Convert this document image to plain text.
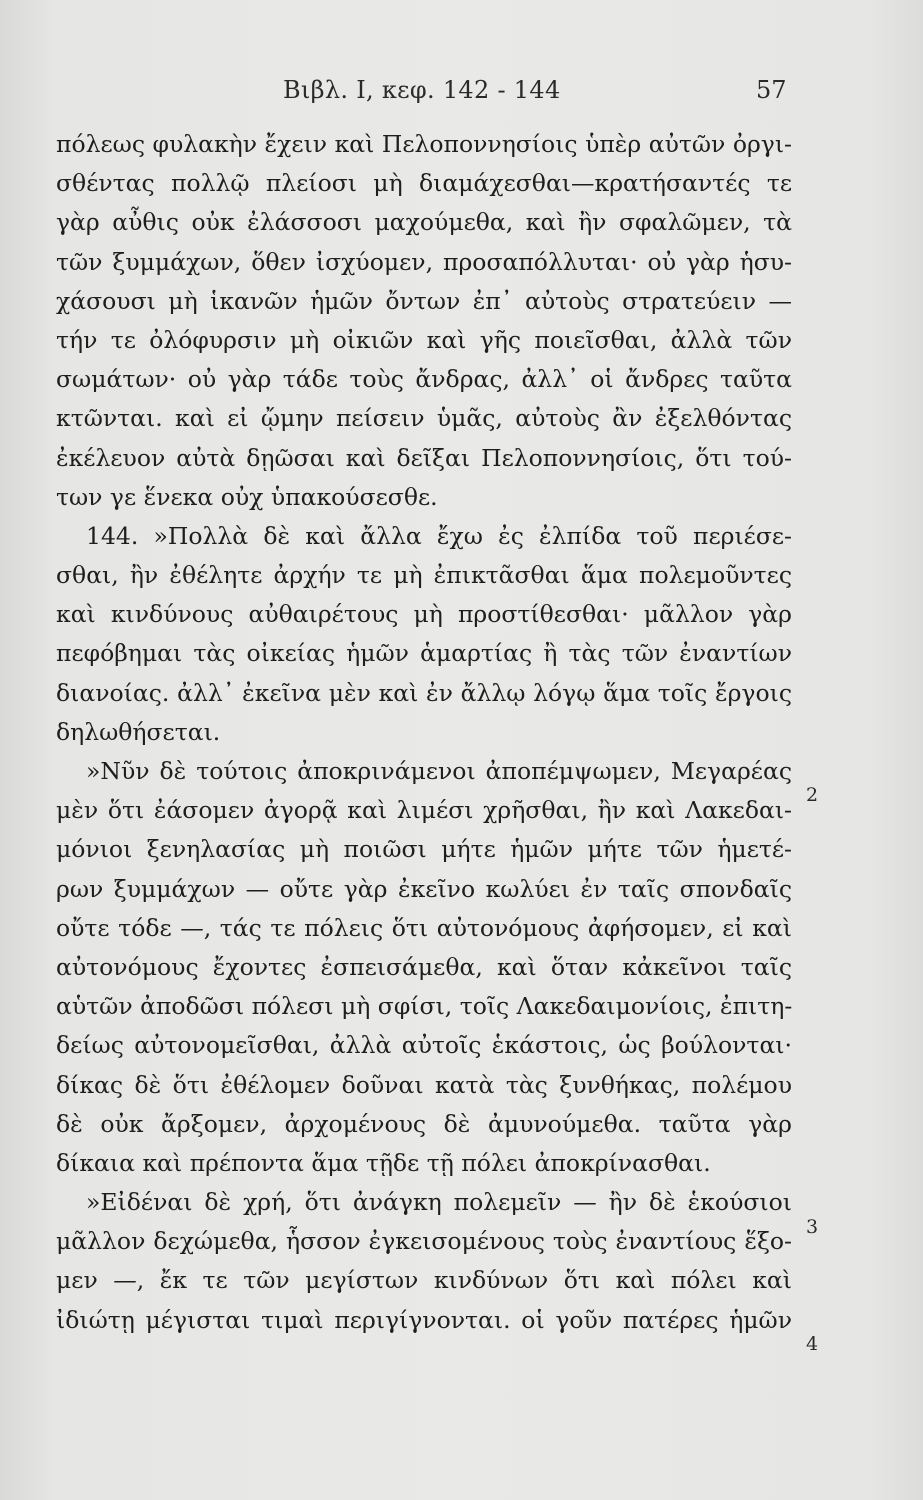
Βιβλ. Ι, κεφ. 142 - 144	57
πόλεως φυλακὴν ἔχειν καὶ Πελοποννησίοις ὑπὲρ αὐτῶν ὀργι-
σθέντας πολλῷ πλείοσι μὴ διαμάχεσθαι—κρατήσαντές τε
γὰρ αὖθις οὐκ ἐλάσσοσι μαχούμεθα, καὶ ἢν σφαλῶμεν, τὰ
τῶν ξυμμάχων, ὅθεν ἰσχύομεν, προσαπόλλυται· οὐ γὰρ ἡσυ-
χάσουσι μὴ ἱκανῶν ἡμῶν ὄντων ἐπ᾽ αὐτοὺς στρατεύειν —
τήν τε ὀλόφυρσιν μὴ οἰκιῶν καὶ γῆς ποιεῖσθαι, ἀλλὰ τῶν
σωμάτων· οὐ γὰρ τάδε τοὺς ἄνδρας, ἀλλ᾽ οἱ ἄνδρες ταῦτα
κτῶνται. καὶ εἰ ᾤμην πείσειν ὑμᾶς, αὐτοὺς ἂν ἐξελθόντας
ἐκέλευον αὐτὰ δῃῶσαι καὶ δεῖξαι Πελοποννησίοις, ὅτι τού-
των γε ἕνεκα οὐχ ὑπακούσεσθε.
144. »Πολλὰ δὲ καὶ ἄλλα ἔχω ἐς ἐλπίδα τοῦ περιέσε-
σθαι, ἢν ἐθέλητε ἀρχήν τε μὴ ἐπικτᾶσθαι ἅμα πολεμοῦντες
καὶ κινδύνους αὐθαιρέτους μὴ προστίθεσθαι· μᾶλλον γὰρ
πεφόβημαι τὰς οἰκείας ἡμῶν ἁμαρτίας ἢ τὰς τῶν ἐναντίων
διανοίας. ἀλλ᾽ ἐκεῖνα μὲν καὶ ἐν ἄλλῳ λόγῳ ἅμα τοῖς ἔργοις
δηλωθήσεται.
»Νῦν δὲ τούτοις ἀποκρινάμενοι ἀποπέμψωμεν, Μεγαρέας
μὲν ὅτι ἐάσομεν ἀγορᾷ καὶ λιμέσι χρῆσθαι, ἢν καὶ Λακεδαι-
μόνιοι ξενηλασίας μὴ ποιῶσι μήτε ἡμῶν μήτε τῶν ἡμετέ-
ρων ξυμμάχων — οὔτε γὰρ ἐκεῖνο κωλύει ἐν ταῖς σπονδαῖς
οὔτε τόδε —, τάς τε πόλεις ὅτι αὐτονόμους ἀφήσομεν, εἰ καὶ
αὐτονόμους ἔχοντες ἐσπεισάμεθα, καὶ ὅταν κἀκεῖνοι ταῖς
αὑτῶν ἀποδῶσι πόλεσι μὴ σφίσι, τοῖς Λακεδαιμονίοις, ἐπιτη-
δείως αὐτονομεῖσθαι, ἀλλὰ αὐτοῖς ἑκάστοις, ὡς βούλονται·
δίκας δὲ ὅτι ἐθέλομεν δοῦναι κατὰ τὰς ξυνθήκας, πολέμου
δὲ οὐκ ἄρξομεν, ἀρχομένους δὲ ἀμυνούμεθα. ταῦτα γὰρ
δίκαια καὶ πρέποντα ἅμα τῇδε τῇ πόλει ἀποκρίνασθαι.
»Εἰδέναι δὲ χρή, ὅτι ἀνάγκη πολεμεῖν — ἢν δὲ ἑκούσιοι
μᾶλλον δεχώμεθα, ἧσσον ἐγκεισομένους τοὺς ἐναντίους ἕξο-
μεν —, ἔκ τε τῶν μεγίστων κινδύνων ὅτι καὶ πόλει καὶ
ἰδιώτῃ μέγισται τιμαὶ περιγίγνονται. οἱ γοῦν πατέρες ἡμῶν
2
3
4
